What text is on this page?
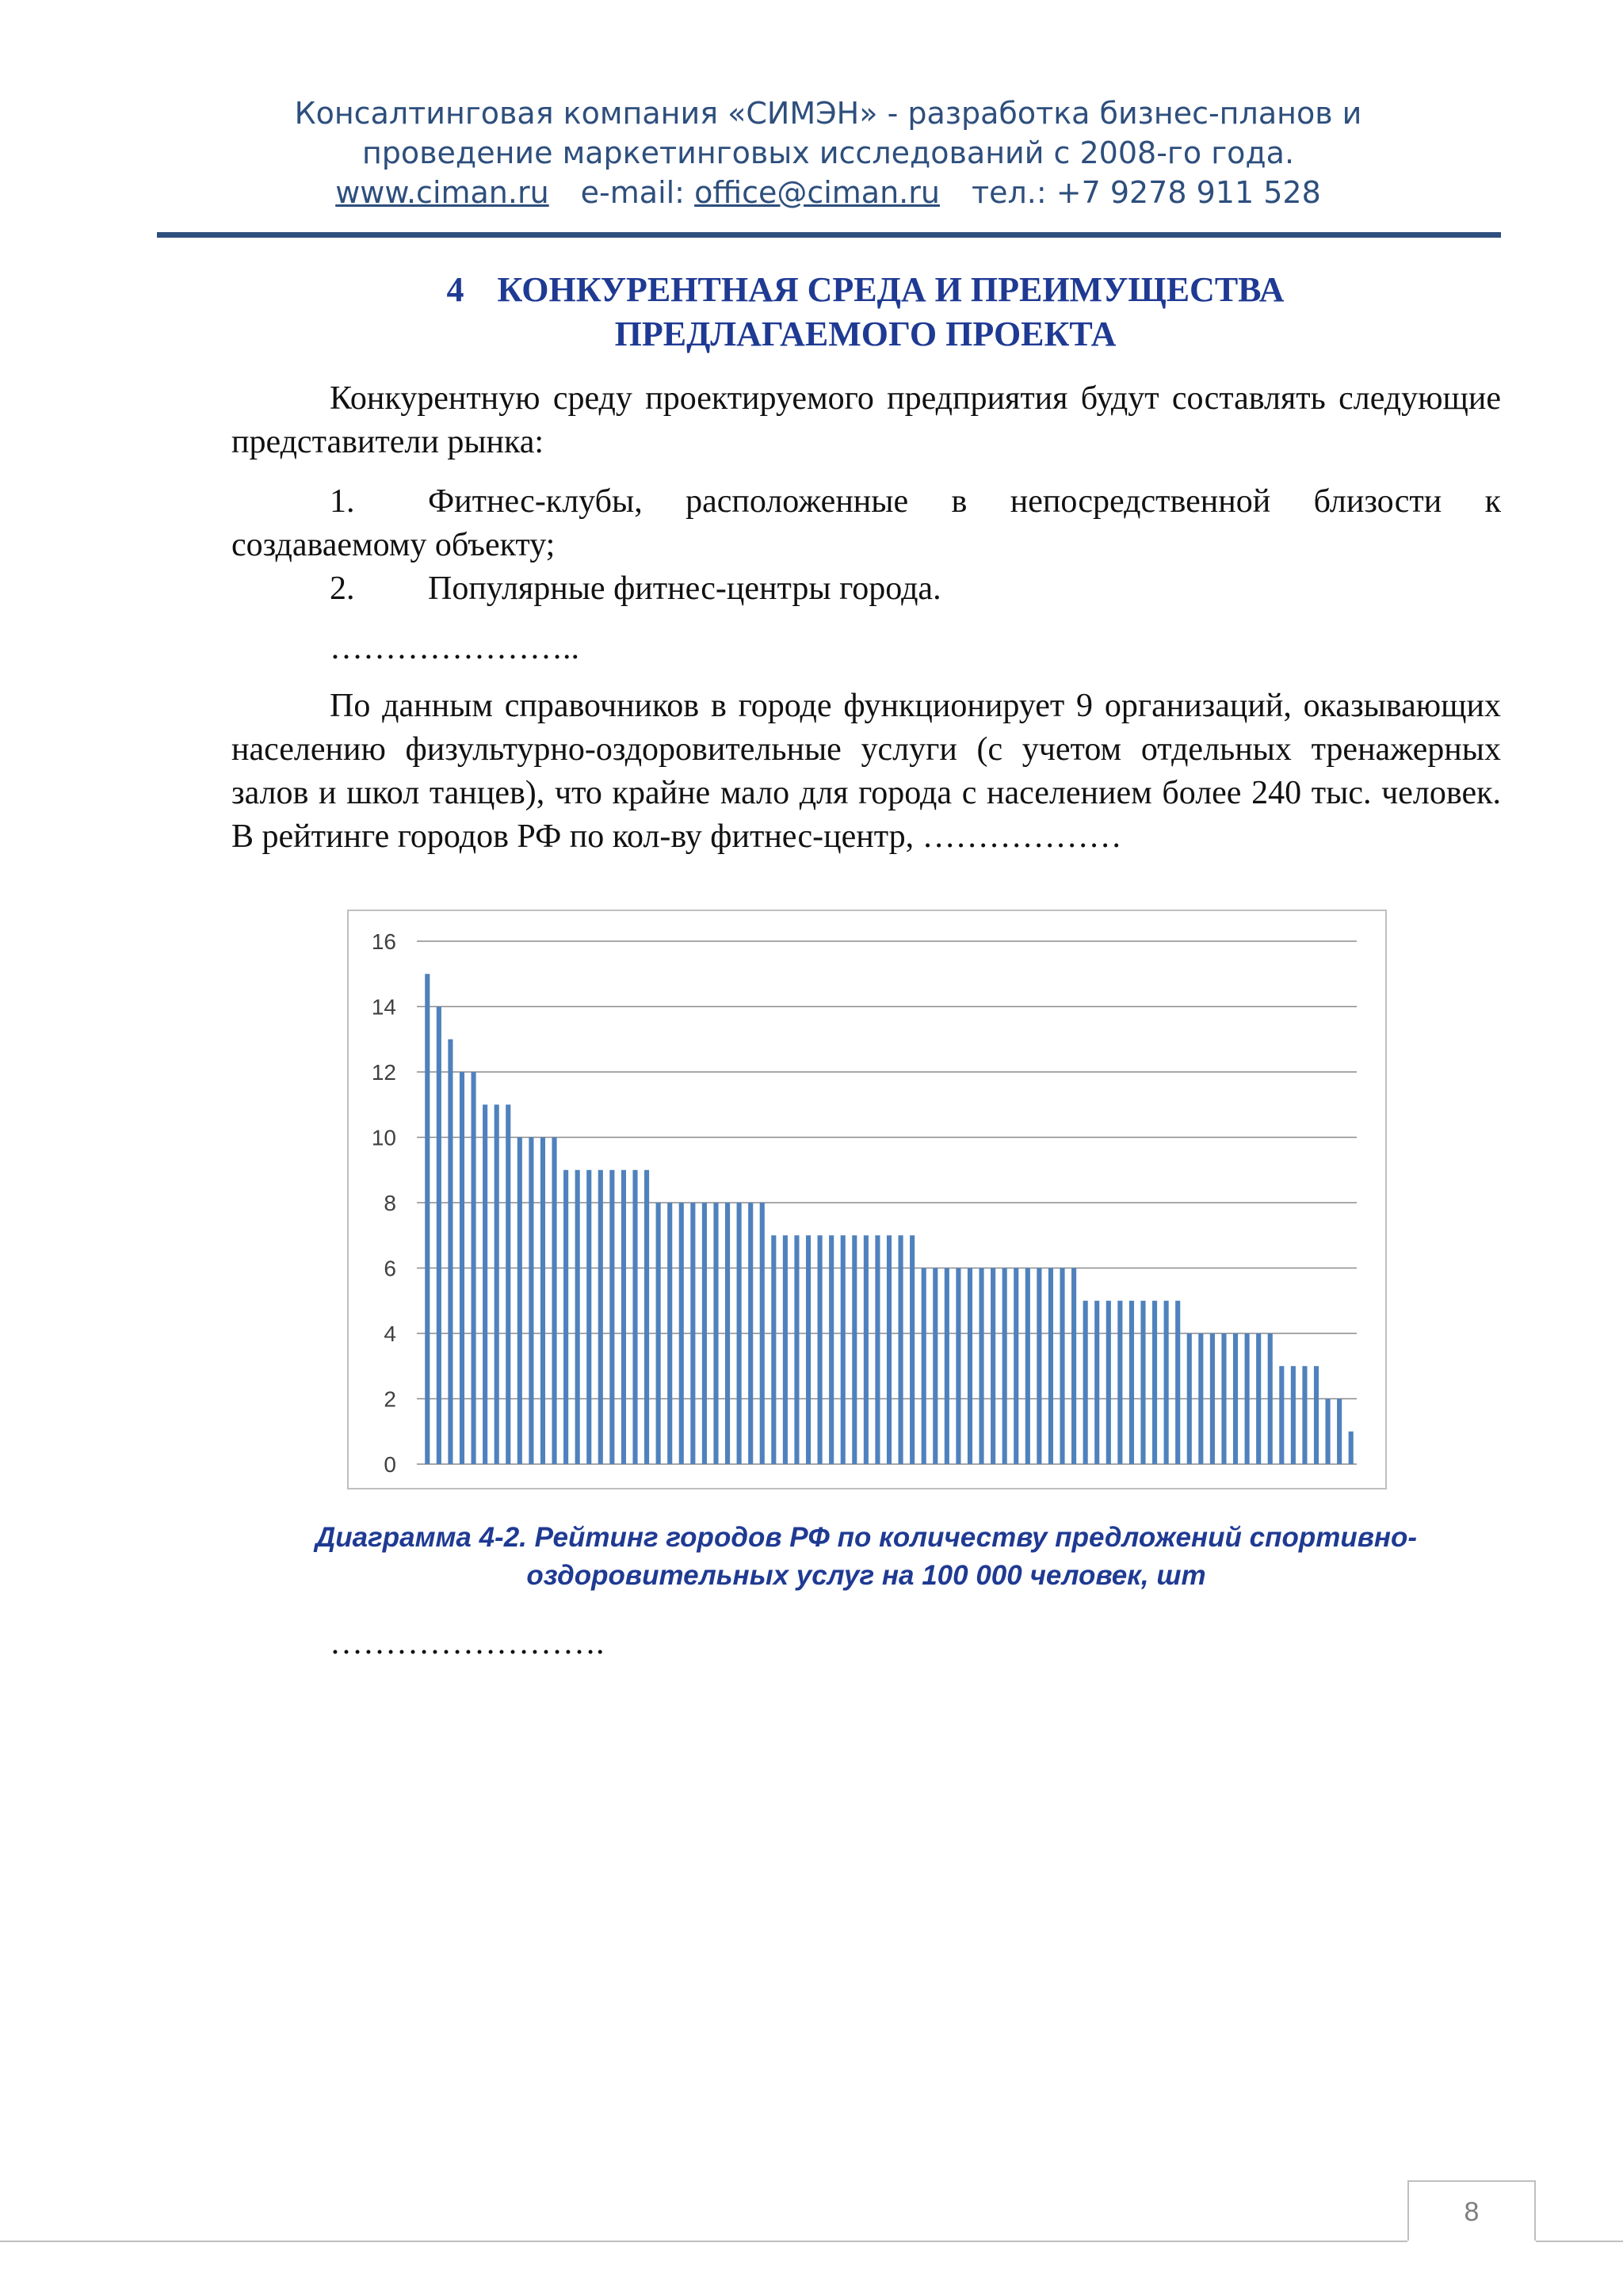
Консалтинговая компания «СИМЭН» - разработка бизнес-планов и
проведение маркетинговых исследований с 2008-го года.
www.ciman.ru e-mail: office@ciman.ru тел.: +7 9278 911 528
4 КОНКУРЕНТНАЯ СРЕДА И ПРЕИМУЩЕСТВА
ПРЕДЛАГАЕМОГО ПРОЕКТА

Конкурентную среду проектируемого предприятия будут составлять следующие представители рынка:

1. Фитнес-клубы, расположенные в непосредственной близости к создаваемому объекту;

2. Популярные фитнес-центры города.

…………………..

По данным справочников в городе функционирует 9 организаций, оказывающих населению физультурно-оздоровительные услуги (с учетом отдельных тренажерных залов и школ танцев), что крайне мало для города с населением более 240 тыс. человек. В рейтинге городов РФ по кол-ву фитнес-центр, ………………

0
2
4
6
8
10
12
14
16
Диаграмма 4-2. Рейтинг городов РФ по количеству предложений спортивно-оздоровительных услуг на 100 000 человек, шт
…………………….
8
